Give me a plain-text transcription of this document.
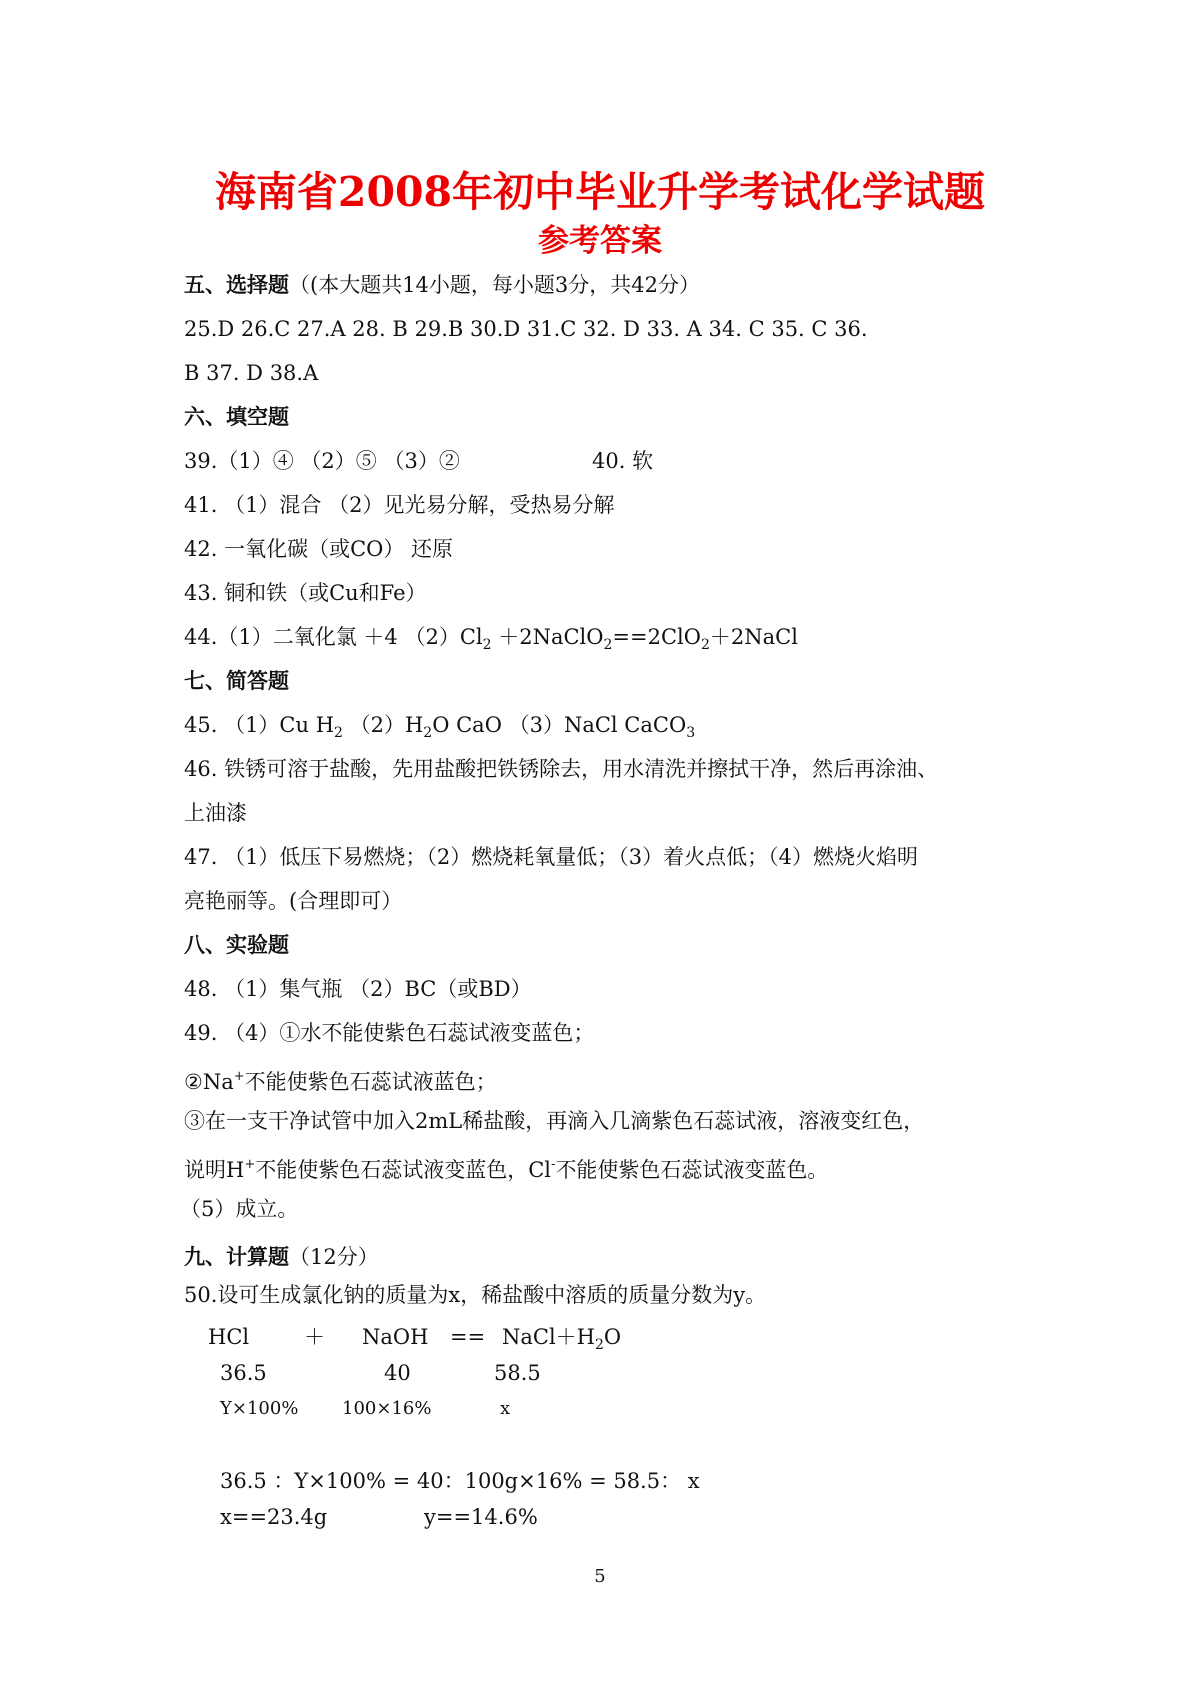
海南省2008年初中毕业升学考试化学试题
参考答案
五、选择题（(本大题共14小题，每小题3分，共42分）
25.D 26.C 27.A 28. B 29.B 30.D 31.C 32. D 33. A 34. C 35. C 36.
B 37. D 38.A
六、填空题
39.（1）④ （2）⑤ （3）②	40. 软
41. （1）混合 （2）见光易分解，受热易分解
42. 一氧化碳（或CO） 还原
43. 铜和铁（或Cu和Fe）
44.（1）二氧化氯 ＋4 $(2)Cl_2$ ＋2NaClO$_2$==2ClO$_2$＋2NaCl
七、简答题
45. （1）Cu $H_2$ $(2)H_2O$ CaO （3）NaCl CaCO$_3$
46. 铁锈可溶于盐酸，先用盐酸把铁锈除去，用水清洗并擦拭干净，然后再涂油、
上油漆
47. （1）低压下易燃烧；（2）燃烧耗氧量低；（3）着火点低；（4）燃烧火焰明
亮艳丽等。(合理即可）
八、实验题
48. （1）集气瓶 （2）BC（或BD）
49. （4）①水不能使紫色石蕊试液变蓝色；
②Na+不能使紫色石蕊试液蓝色；
③在一支干净试管中加入2mL稀盐酸，再滴入几滴紫色石蕊试液，溶液变红色，
说明H+不能使紫色石蕊试液变蓝色，Cl-不能使紫色石蕊试液变蓝色。
（5）成立。
九、计算题（12分）
50.设可生成氯化钠的质量为x，稀盐酸中溶质的质量分数为y。
HCl	＋ NaOH == $NaCl+H_2O$
36.5	40	58.5
Y×100% 100×16%	x
36.5 ：Y×100% = 40：100g×16% = 58.5： x
x==23.4g	y==14.6%
5
